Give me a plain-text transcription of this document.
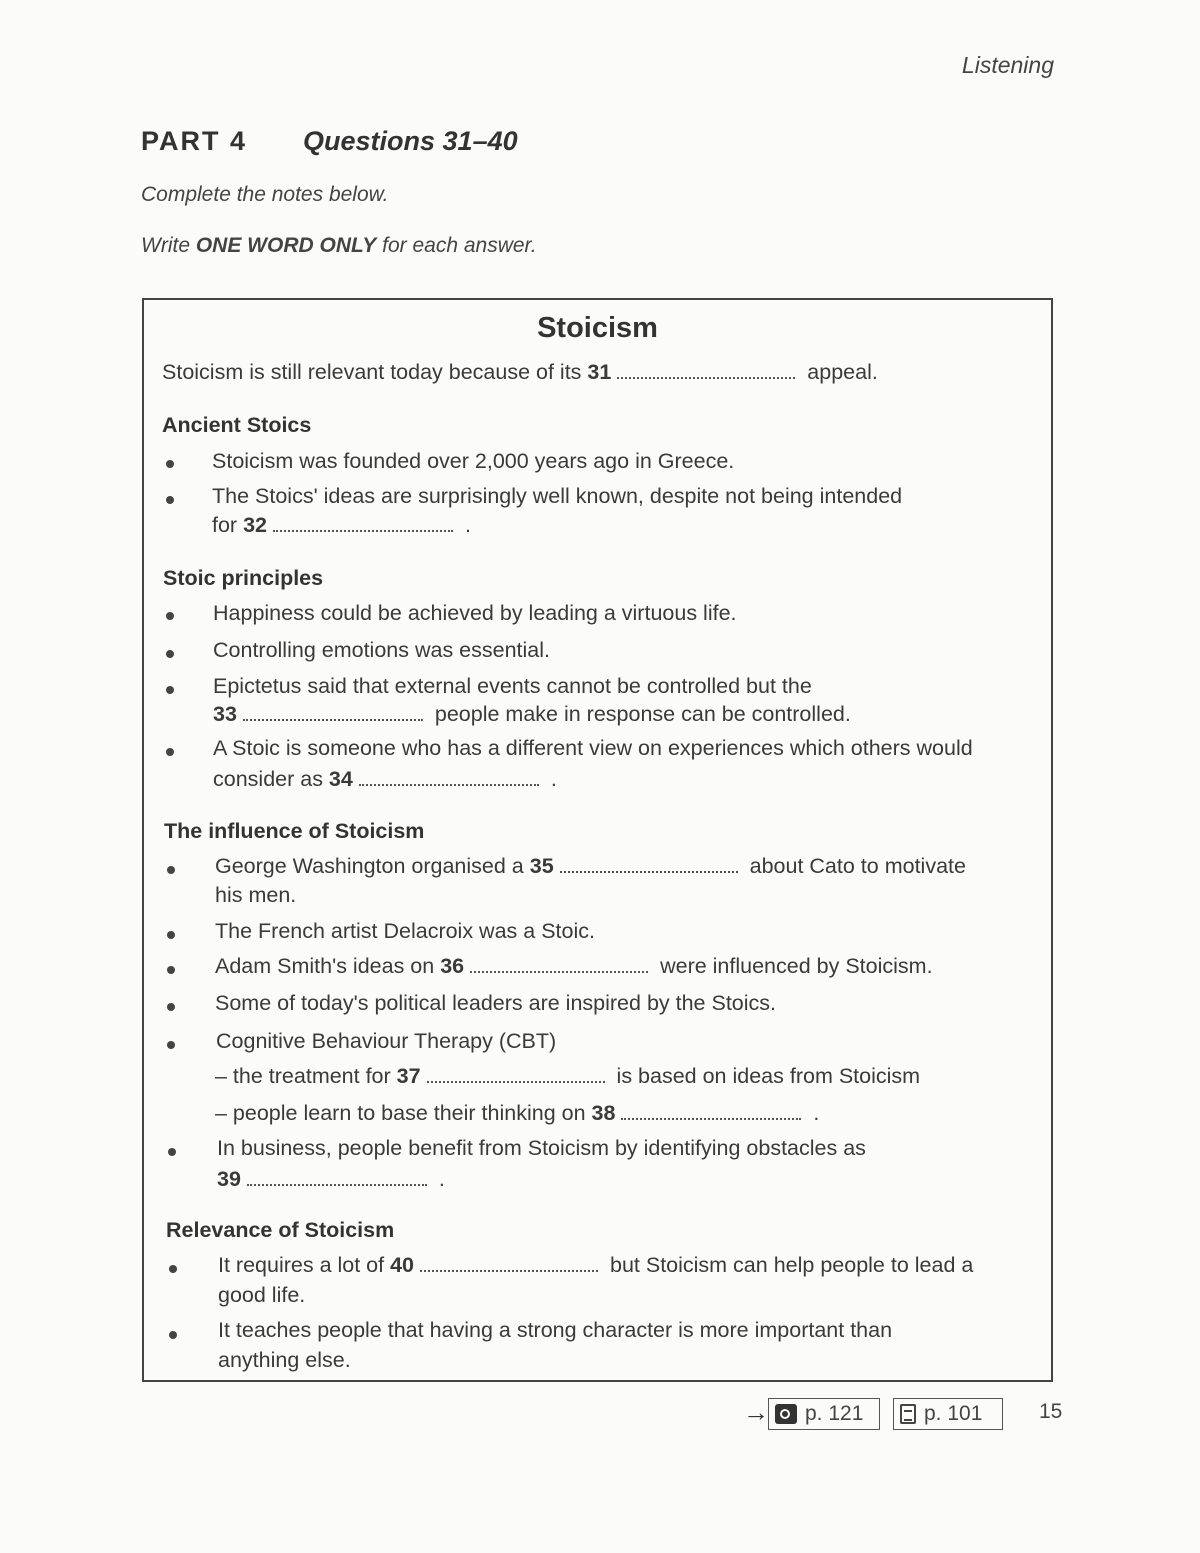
Listening
PART 4 Questions 31–40
Complete the notes below.
Write ONE WORD ONLY for each answer.
Stoicism
Stoicism is still relevant today because of its 31	appeal.
Ancient Stoics
Stoicism was founded over 2,000 years ago in Greece.
The Stoics' ideas are surprisingly well known, despite not being intended
for 32	.
Stoic principles
Happiness could be achieved by leading a virtuous life.
Controlling emotions was essential.
Epictetus said that external events cannot be controlled but the
33	people make in response can be controlled.
A Stoic is someone who has a different view on experiences which others would
consider as 34	.
The influence of Stoicism
George Washington organised a 35	about Cato to motivate
his men.
The French artist Delacroix was a Stoic.
Adam Smith's ideas on 36	were influenced by Stoicism.
Some of today's political leaders are inspired by the Stoics.
Cognitive Behaviour Therapy (CBT)
– the treatment for 37	is based on ideas from Stoicism
– people learn to base their thinking on 38	.
In business, people benefit from Stoicism by identifying obstacles as
39	.
Relevance of Stoicism
It requires a lot of 40	but Stoicism can help people to lead a
good life.
It teaches people that having a strong character is more important than
anything else.
→ p. 121	p. 101	15
